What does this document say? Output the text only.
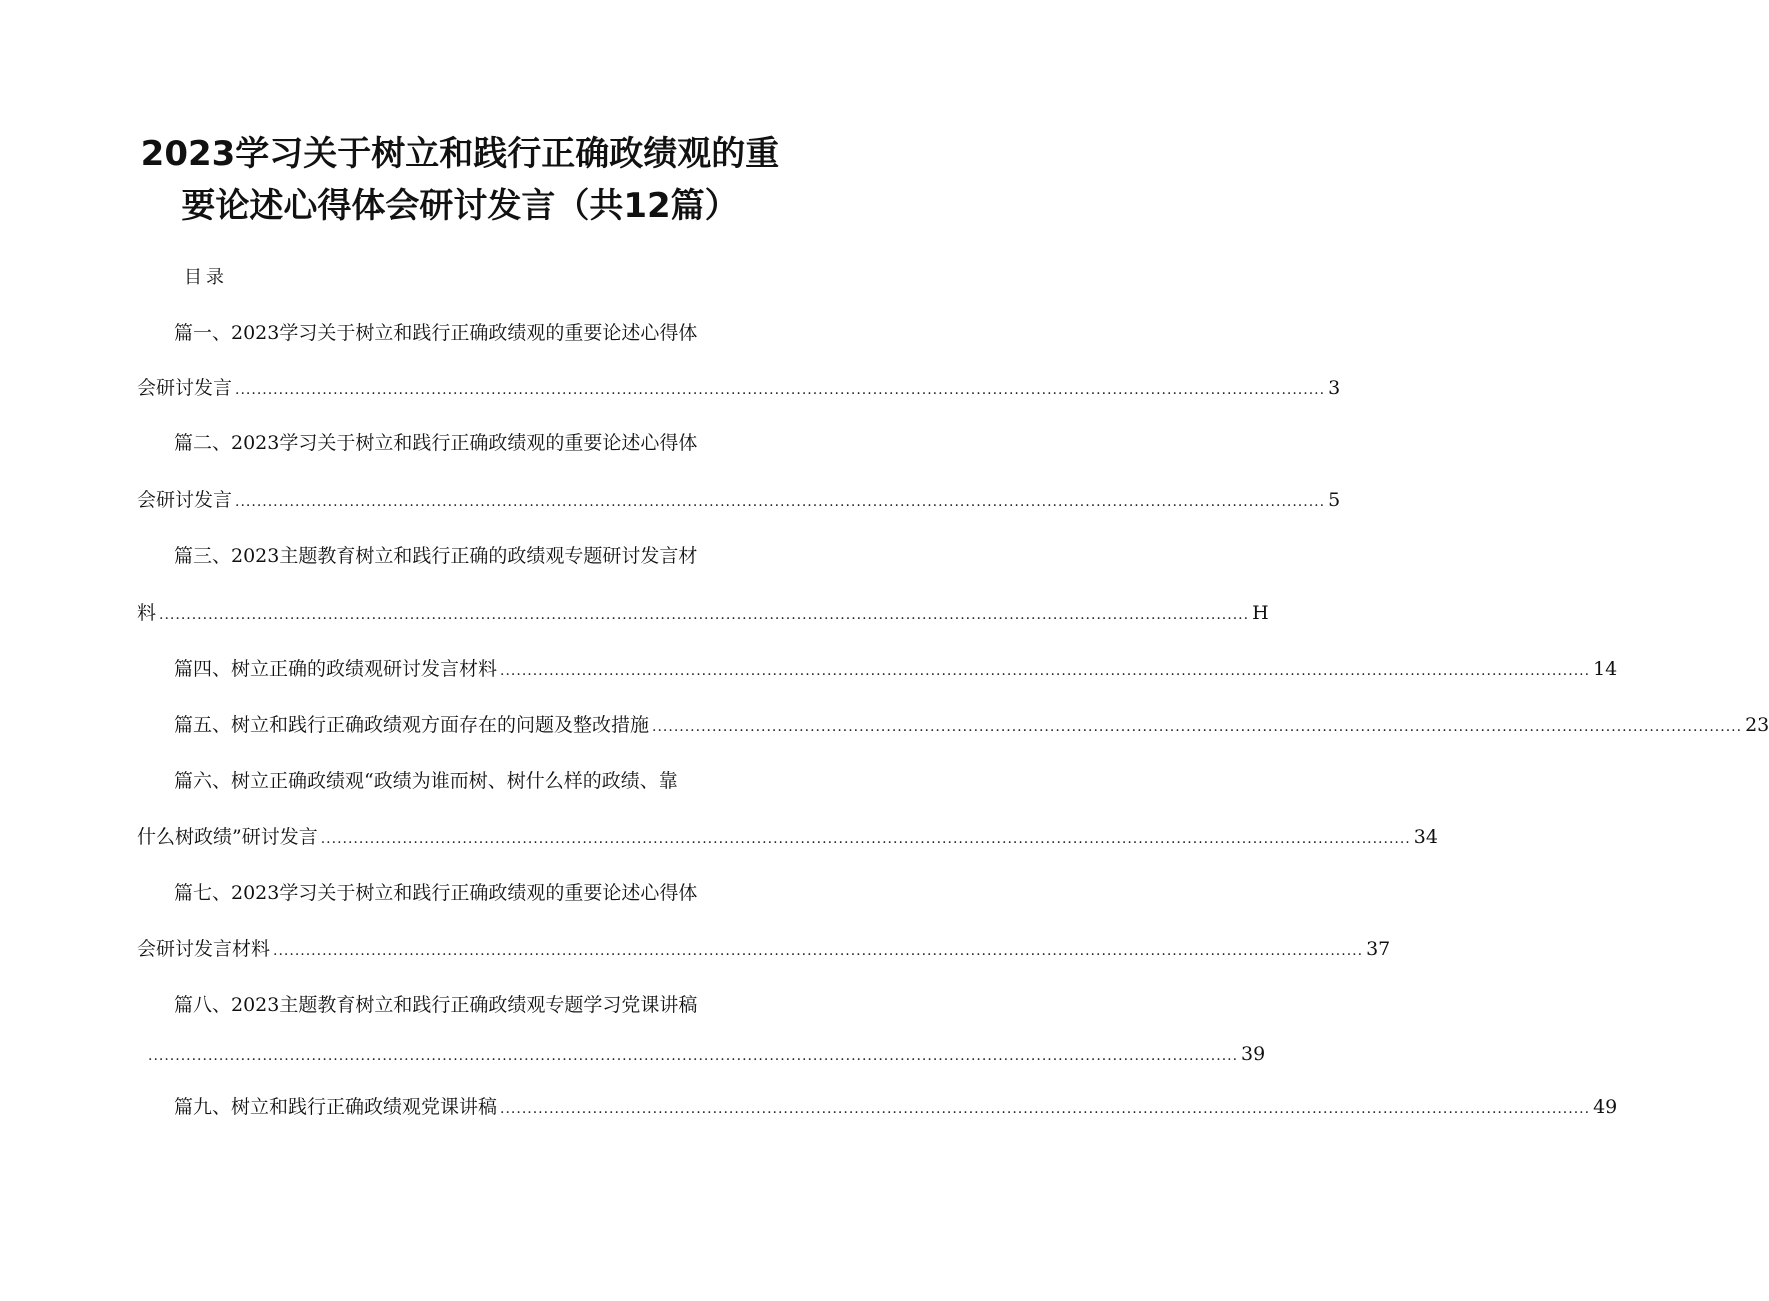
2023学习关于树立和践行正确政绩观的重
要论述心得体会研讨发言（共12篇）
目录
篇一、2023学习关于树立和践行正确政绩观的重要论述心得体
会研讨发言 ........................................................................................................................................................................................................ 3
篇二、2023学习关于树立和践行正确政绩观的重要论述心得体
会研讨发言 ........................................................................................................................................................................................................ 5
篇三、2023主题教育树立和践行正确的政绩观专题研讨发言材
料 ........................................................................................................................................................................................................ H
篇四、树立正确的政绩观研讨发言材料 ........................................................................................................................................................................................................ 14
篇五、树立和践行正确政绩观方面存在的问题及整改措施 ........................................................................................................................................................................................................ 23
篇六、树立正确政绩观“政绩为谁而树、树什么样的政绩、靠
什么树政绩”研讨发言 ........................................................................................................................................................................................................ 34
篇七、2023学习关于树立和践行正确政绩观的重要论述心得体
会研讨发言材料 ........................................................................................................................................................................................................ 37
篇八、2023主题教育树立和践行正确政绩观专题学习党课讲稿
........................................................................................................................................................................................................ 39
篇九、树立和践行正确政绩观党课讲稿 ........................................................................................................................................................................................................ 49
